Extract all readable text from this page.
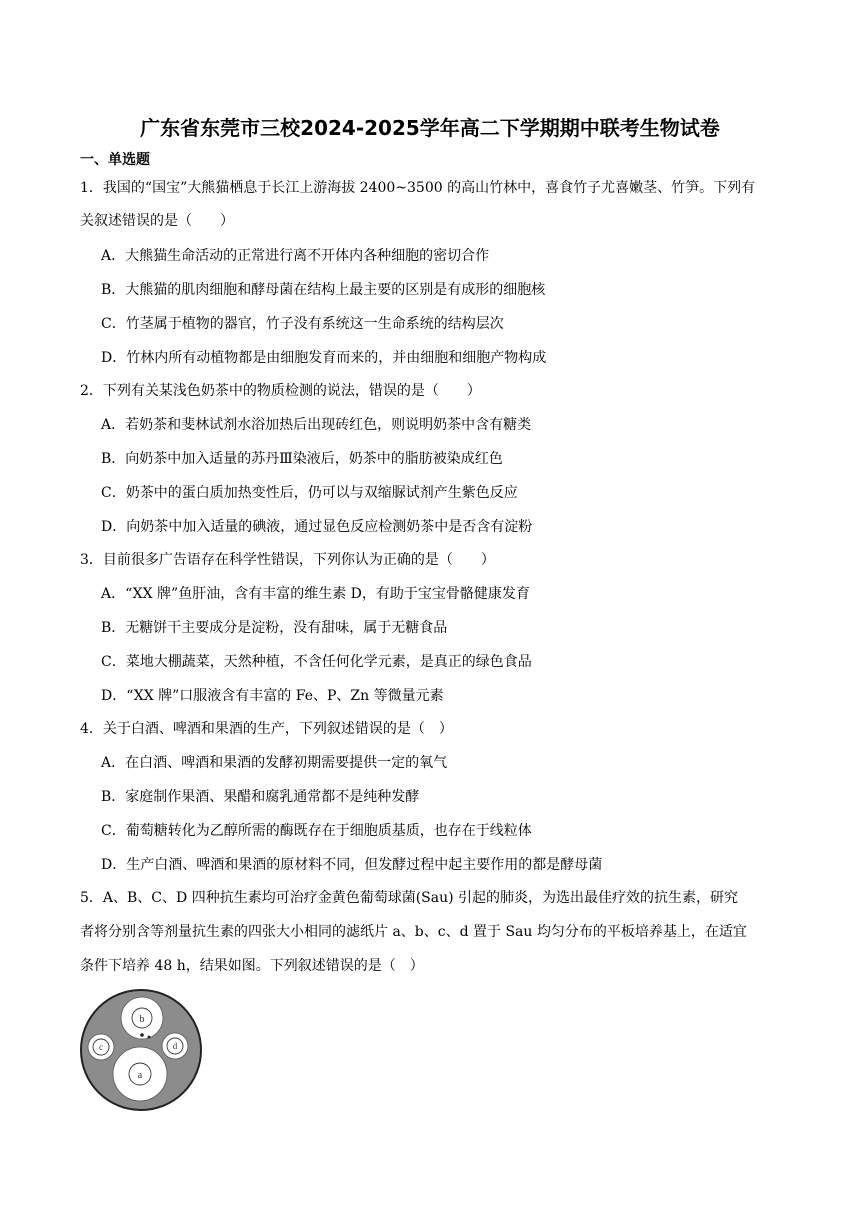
广东省东莞市三校2024-2025学年高二下学期期中联考生物试卷
一、单选题
1．我国的“国宝”大熊猫栖息于长江上游海拔 2400~3500 的高山竹林中，喜食竹子尤喜嫩茎、竹笋。下列有
关叙述错误的是（　　）
A．大熊猫生命活动的正常进行离不开体内各种细胞的密切合作
B．大熊猫的肌肉细胞和酵母菌在结构上最主要的区别是有成形的细胞核
C．竹茎属于植物的器官，竹子没有系统这一生命系统的结构层次
D．竹林内所有动植物都是由细胞发育而来的，并由细胞和细胞产物构成
2．下列有关某浅色奶茶中的物质检测的说法，错误的是（　　）
A．若奶茶和斐林试剂水浴加热后出现砖红色，则说明奶茶中含有糖类
B．向奶茶中加入适量的苏丹Ⅲ染液后，奶茶中的脂肪被染成红色
C．奶茶中的蛋白质加热变性后，仍可以与双缩脲试剂产生紫色反应
D．向奶茶中加入适量的碘液，通过显色反应检测奶茶中是否含有淀粉
3．目前很多广告语存在科学性错误，下列你认为正确的是（　　）
A．“XX 牌”鱼肝油，含有丰富的维生素 D，有助于宝宝骨骼健康发育
B．无糖饼干主要成分是淀粉，没有甜味，属于无糖食品
C．菜地大棚蔬菜，天然种植，不含任何化学元素，是真正的绿色食品
D．“XX 牌”口服液含有丰富的 Fe、P、Zn 等微量元素
4．关于白酒、啤酒和果酒的生产，下列叙述错误的是（　）
A．在白酒、啤酒和果酒的发酵初期需要提供一定的氧气
B．家庭制作果酒、果醋和腐乳通常都不是纯种发酵
C．葡萄糖转化为乙醇所需的酶既存在于细胞质基质，也存在于线粒体
D．生产白酒、啤酒和果酒的原材料不同，但发酵过程中起主要作用的都是酵母菌
5．A、B、C、D 四种抗生素均可治疗金黄色葡萄球菌(Sau) 引起的肺炎，为选出最佳疗效的抗生素，研究
者将分别含等剂量抗生素的四张大小相同的滤纸片 a、b、c、d 置于 Sau 均匀分布的平板培养基上，在适宜
条件下培养 48 h，结果如图。下列叙述错误的是（　）
b
c	d
a
